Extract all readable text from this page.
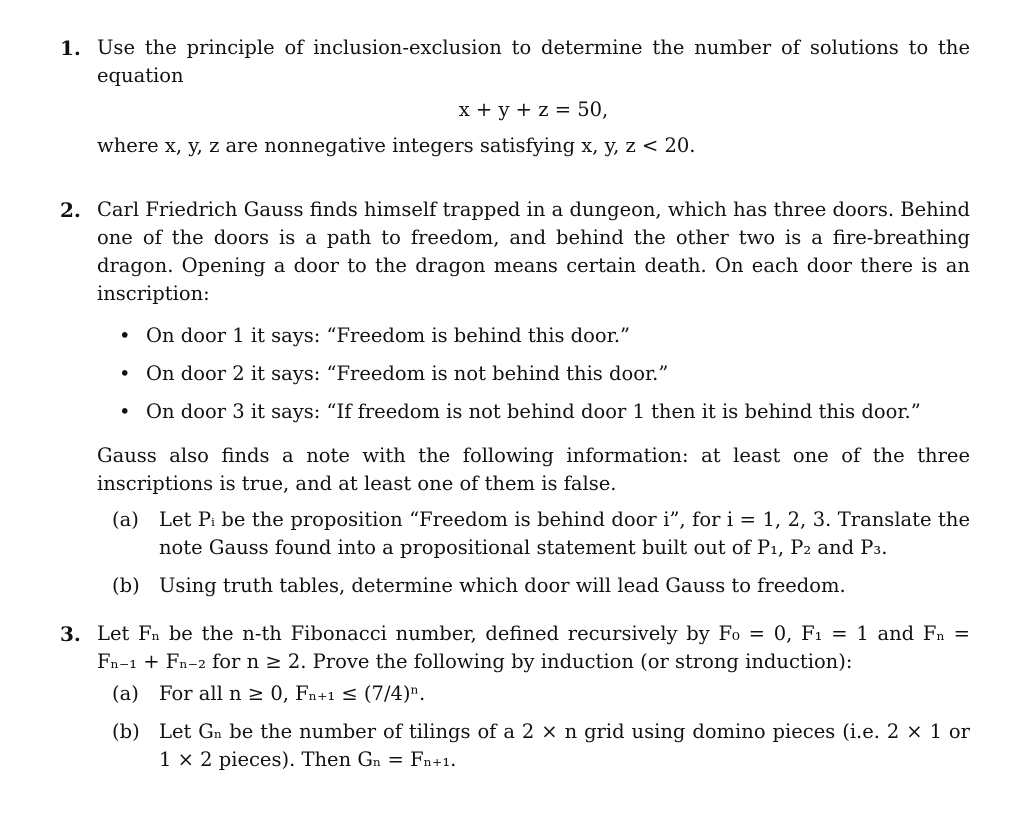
1. Use the principle of inclusion-exclusion to determine the number of solutions to the equation
x + y + z = 50,
where x, y, z are nonnegative integers satisfying x, y, z < 20.
2. Carl Friedrich Gauss finds himself trapped in a dungeon, which has three doors. Behind one of the doors is a path to freedom, and behind the other two is a fire-breathing dragon. Opening a door to the dragon means certain death. On each door there is an inscription:
• On door 1 it says: “Freedom is behind this door.”
• On door 2 it says: “Freedom is not behind this door.”
• On door 3 it says: “If freedom is not behind door 1 then it is behind this door.”
Gauss also finds a note with the following information: at least one of the three inscriptions is true, and at least one of them is false.
(a) Let Pᵢ be the proposition “Freedom is behind door i”, for i = 1, 2, 3. Translate the note Gauss found into a propositional statement built out of P₁, P₂ and P₃.
(b) Using truth tables, determine which door will lead Gauss to freedom.
3. Let Fₙ be the n-th Fibonacci number, defined recursively by F₀ = 0, F₁ = 1 and Fₙ = Fₙ₋₁ + Fₙ₋₂ for n ≥ 2. Prove the following by induction (or strong induction):
(a) For all n ≥ 0, Fₙ₊₁ ≤ (7/4)ⁿ.
(b) Let Gₙ be the number of tilings of a 2 × n grid using domino pieces (i.e. 2 × 1 or 1 × 2 pieces). Then Gₙ = Fₙ₊₁.
